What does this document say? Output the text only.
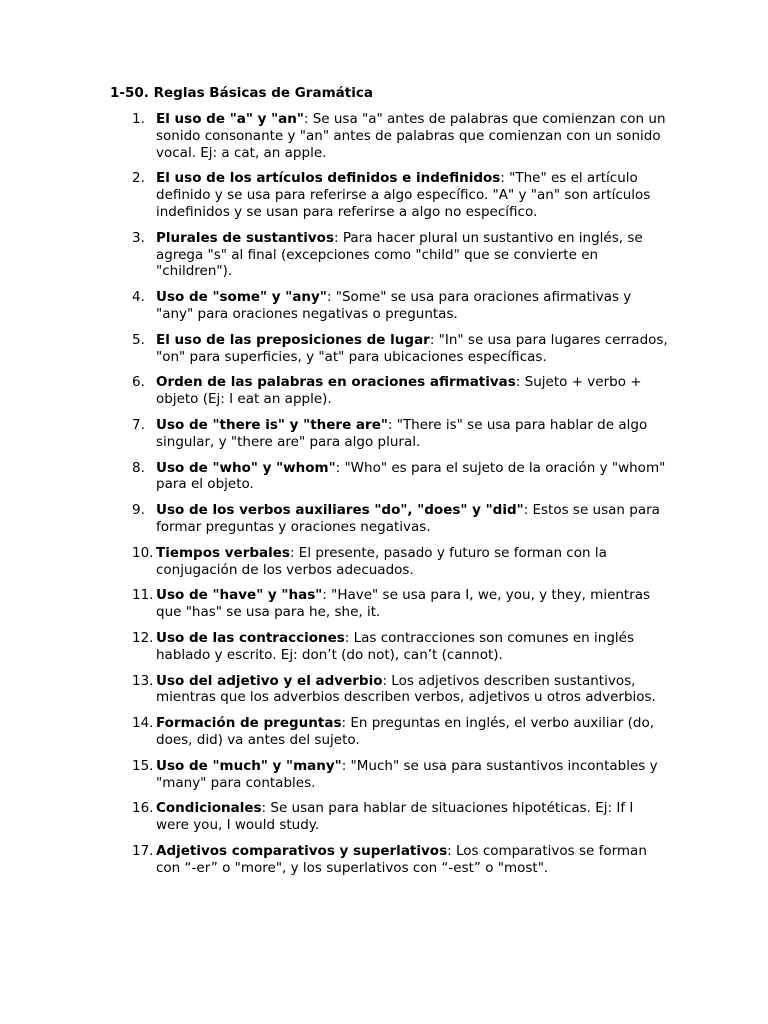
1-50. Reglas Básicas de Gramática
1. El uso de "a" y "an": Se usa "a" antes de palabras que comienzan con un sonido consonante y "an" antes de palabras que comienzan con un sonido vocal. Ej: a cat, an apple.
2. El uso de los artículos definidos e indefinidos: "The" es el artículo definido y se usa para referirse a algo específico. "A" y "an" son artículos indefinidos y se usan para referirse a algo no específico.
3. Plurales de sustantivos: Para hacer plural un sustantivo en inglés, se agrega "s" al final (excepciones como "child" que se convierte en "children").
4. Uso de "some" y "any": "Some" se usa para oraciones afirmativas y "any" para oraciones negativas o preguntas.
5. El uso de las preposiciones de lugar: "In" se usa para lugares cerrados, "on" para superficies, y "at" para ubicaciones específicas.
6. Orden de las palabras en oraciones afirmativas: Sujeto + verbo + objeto (Ej: I eat an apple).
7. Uso de "there is" y "there are": "There is" se usa para hablar de algo singular, y "there are" para algo plural.
8. Uso de "who" y "whom": "Who" es para el sujeto de la oración y "whom" para el objeto.
9. Uso de los verbos auxiliares "do", "does" y "did": Estos se usan para formar preguntas y oraciones negativas.
10. Tiempos verbales: El presente, pasado y futuro se forman con la conjugación de los verbos adecuados.
11. Uso de "have" y "has": "Have" se usa para I, we, you, y they, mientras que "has" se usa para he, she, it.
12. Uso de las contracciones: Las contracciones son comunes en inglés hablado y escrito. Ej: don’t (do not), can’t (cannot).
13. Uso del adjetivo y el adverbio: Los adjetivos describen sustantivos, mientras que los adverbios describen verbos, adjetivos u otros adverbios.
14. Formación de preguntas: En preguntas en inglés, el verbo auxiliar (do, does, did) va antes del sujeto.
15. Uso de "much" y "many": "Much" se usa para sustantivos incontables y "many" para contables.
16. Condicionales: Se usan para hablar de situaciones hipotéticas. Ej: If I were you, I would study.
17. Adjetivos comparativos y superlativos: Los comparativos se forman con “-er” o "more", y los superlativos con “-est” o "most".
